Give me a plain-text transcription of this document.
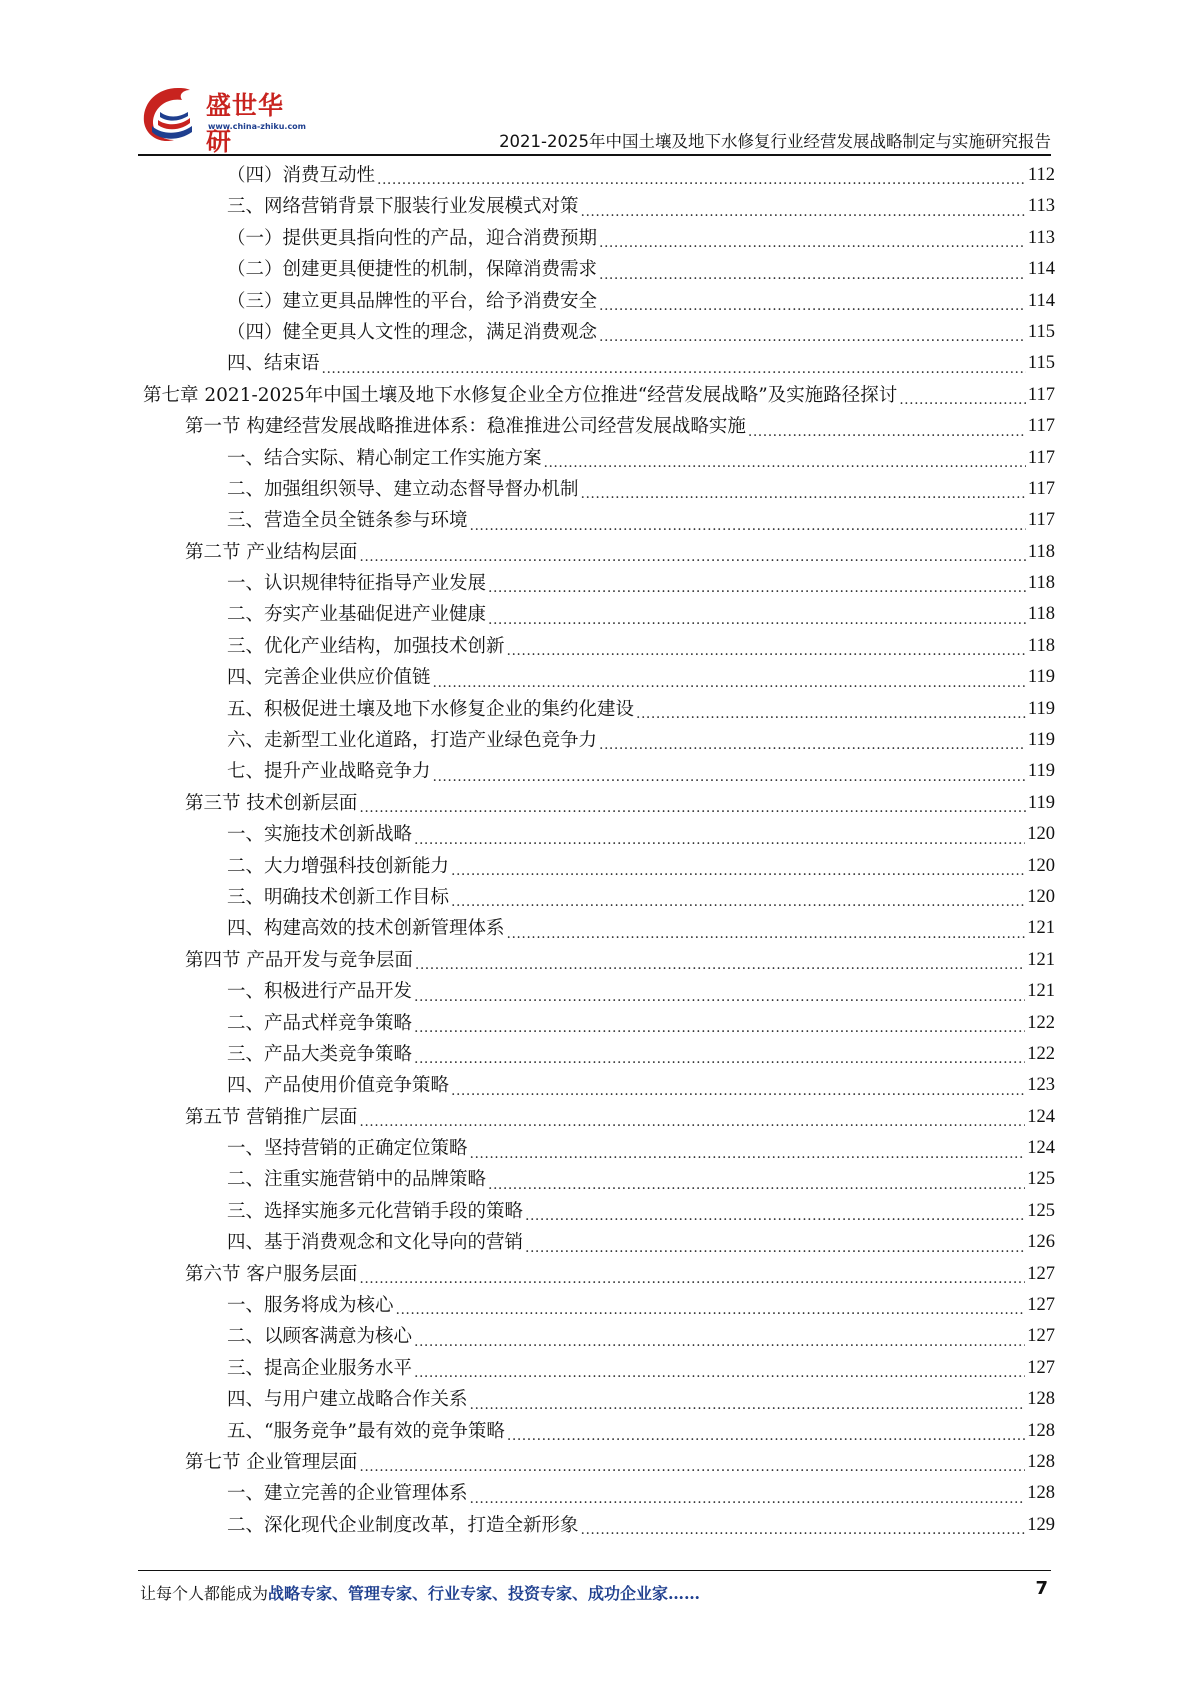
盛世华研
www.china-zhiku.com
2021-2025年中国土壤及地下水修复行业经营发展战略制定与实施研究报告
（四）消费互动性 .....	112
三、网络营销背景下服装行业发展模式对策 .....	113
（一）提供更具指向性的产品，迎合消费预期 .....	113
（二）创建更具便捷性的机制，保障消费需求 .....	114
（三）建立更具品牌性的平台，给予消费安全 .....	114
（四）健全更具人文性的理念，满足消费观念 .....	115
四、结束语 .....	115
第七章 2021-2025年中国土壤及地下水修复企业全方位推进“经营发展战略”及实施路径探讨 .....	117
第一节 构建经营发展战略推进体系：稳准推进公司经营发展战略实施 .....	117
一、结合实际、精心制定工作实施方案 .....	117
二、加强组织领导、建立动态督导督办机制 .....	117
三、营造全员全链条参与环境 .....	117
第二节 产业结构层面 .....	118
一、认识规律特征指导产业发展 .....	118
二、夯实产业基础促进产业健康 .....	118
三、优化产业结构，加强技术创新 .....	118
四、完善企业供应价值链 .....	119
五、积极促进土壤及地下水修复企业的集约化建设 .....	119
六、走新型工业化道路，打造产业绿色竞争力 .....	119
七、提升产业战略竞争力 .....	119
第三节 技术创新层面 .....	119
一、实施技术创新战略 .....	120
二、大力增强科技创新能力 .....	120
三、明确技术创新工作目标 .....	120
四、构建高效的技术创新管理体系 .....	121
第四节 产品开发与竞争层面 .....	121
一、积极进行产品开发 .....	121
二、产品式样竞争策略 .....	122
三、产品大类竞争策略 .....	122
四、产品使用价值竞争策略 .....	123
第五节 营销推广层面 .....	124
一、坚持营销的正确定位策略 .....	124
二、注重实施营销中的品牌策略 .....	125
三、选择实施多元化营销手段的策略 .....	125
四、基于消费观念和文化导向的营销 .....	126
第六节 客户服务层面 .....	127
一、服务将成为核心 .....	127
二、以顾客满意为核心 .....	127
三、提高企业服务水平 .....	127
四、与用户建立战略合作关系 .....	128
五、“服务竞争”最有效的竞争策略 .....	128
第七节 企业管理层面 .....	128
一、建立完善的企业管理体系 .....	128
二、深化现代企业制度改革，打造全新形象 .....	129
让每个人都能成为战略专家、管理专家、行业专家、投资专家、成功企业家……	7
